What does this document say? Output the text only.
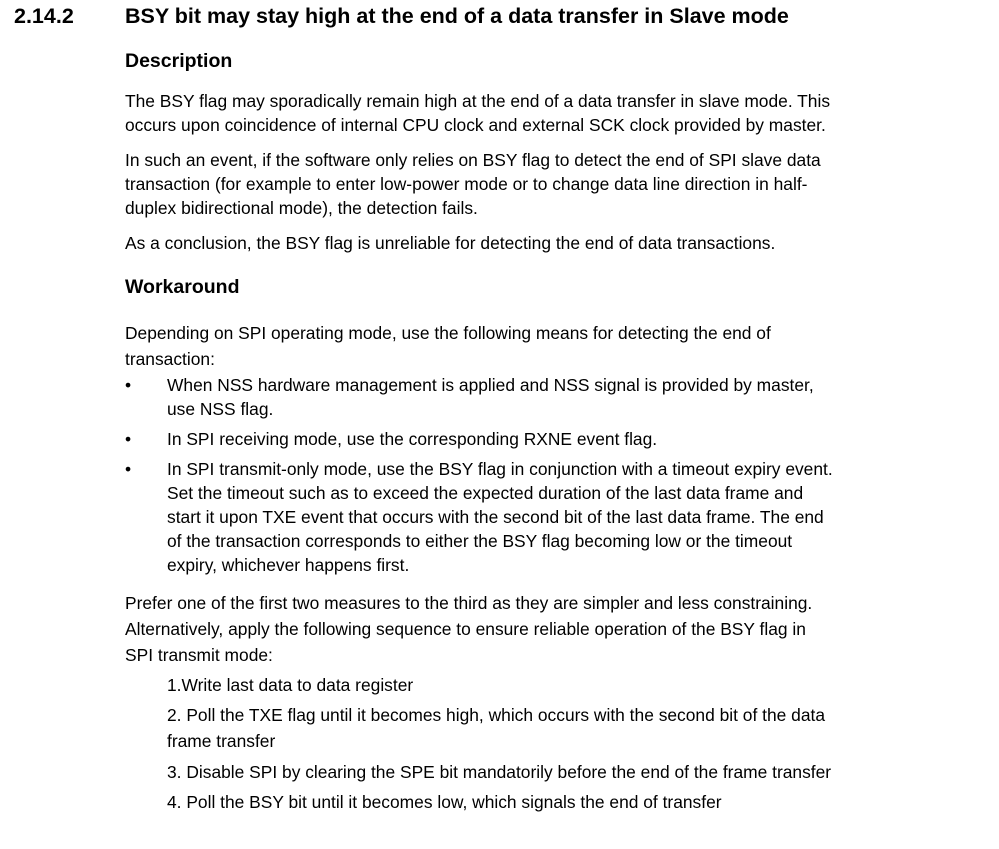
2.14.2 BSY bit may stay high at the end of a data transfer in Slave mode
Description
The BSY flag may sporadically remain high at the end of a data transfer in slave mode. This
occurs upon coincidence of internal CPU clock and external SCK clock provided by master.
In such an event, if the software only relies on BSY flag to detect the end of SPI slave data
transaction (for example to enter low-power mode or to change data line direction in half-
duplex bidirectional mode), the detection fails.
As a conclusion, the BSY flag is unreliable for detecting the end of data transactions.
Workaround
Depending on SPI operating mode, use the following means for detecting the end of
transaction:
•	When NSS hardware management is applied and NSS signal is provided by master,
use NSS flag.
•	In SPI receiving mode, use the corresponding RXNE event flag.
•	In SPI transmit-only mode, use the BSY flag in conjunction with a timeout expiry event.
Set the timeout such as to exceed the expected duration of the last data frame and
start it upon TXE event that occurs with the second bit of the last data frame. The end
of the transaction corresponds to either the BSY flag becoming low or the timeout
expiry, whichever happens first.
Prefer one of the first two measures to the third as they are simpler and less constraining.
Alternatively, apply the following sequence to ensure reliable operation of the BSY flag in
SPI transmit mode:
1.Write last data to data register
2. Poll the TXE flag until it becomes high, which occurs with the second bit of the data
frame transfer
3. Disable SPI by clearing the SPE bit mandatorily before the end of the frame transfer
4. Poll the BSY bit until it becomes low, which signals the end of transfer
